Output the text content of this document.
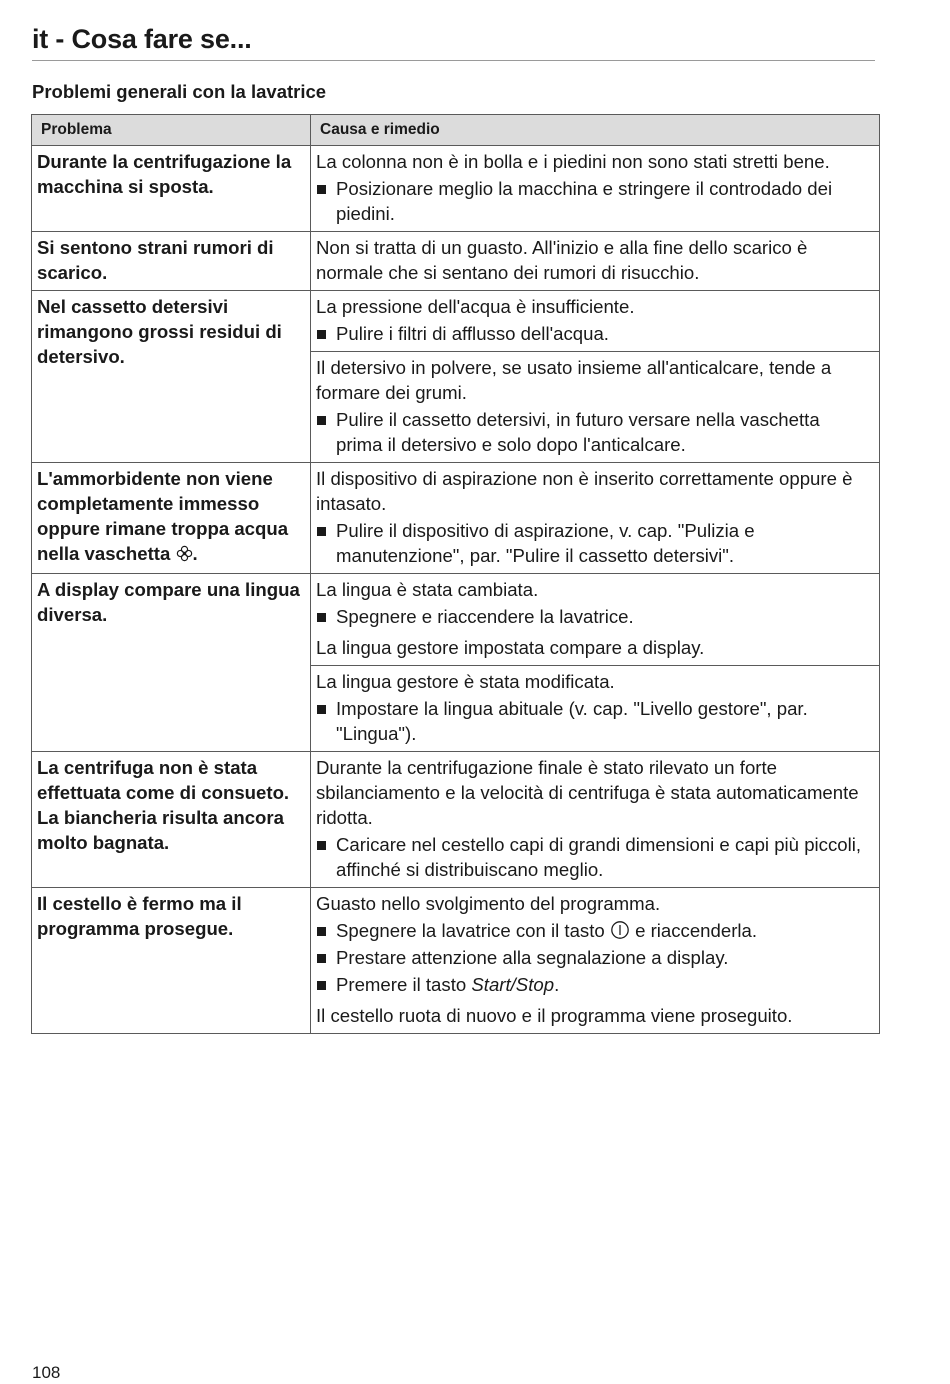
it - Cosa fare se...
Problemi generali con la lavatrice
Problema	Causa e rimedio
Durante la centrifugazione la macchina si sposta.	La colonna non è in bolla e i piedini non sono stati stretti bene.
Posizionare meglio la macchina e stringere il controdado dei piedini.

Si sentono strani rumori di scarico.	Non si tratta di un guasto. All'inizio e alla fine dello scarico è normale che si sentano dei rumori di risucchio.

Nel cassetto detersivi rimangono grossi residui di detersivo.	La pressione dell'acqua è insufficiente.
Pulire i filtri di afflusso dell'acqua.

	Il detersivo in polvere, se usato insieme all'anticalcare, tende a formare dei grumi.
Pulire il cassetto detersivi, in futuro versare nella vaschetta prima il detersivo e solo dopo l'anticalcare.

L'ammorbidente non viene completamente immesso oppure rimane troppa acqua nella vaschetta .	Il dispositivo di aspirazione non è inserito correttamente oppure è intasato.
Pulire il dispositivo di aspirazione, v. cap. "Pulizia e manutenzione", par. "Pulire il cassetto detersivi".

A display compare una lingua diversa.	La lingua è stata cambiata.
Spegnere e riaccendere la lavatrice.
La lingua gestore impostata compare a display.

	La lingua gestore è stata modificata.
Impostare la lingua abituale (v. cap. "Livello gestore", par. "Lingua").

La centrifuga non è stata effettuata come di consueto. La biancheria risulta ancora molto bagnata.	Durante la centrifugazione finale è stato rilevato un forte sbilanciamento e la velocità di centrifuga è stata automaticamente ridotta.
Caricare nel cestello capi di grandi dimensioni e capi più piccoli, affinché si distribuiscano meglio.

Il cestello è fermo ma il programma prosegue.	Guasto nello svolgimento del programma.
Spegnere la lavatrice con il tasto e riaccenderla.
Prestare attenzione alla segnalazione a display.
Premere il tasto Start/Stop.
Il cestello ruota di nuovo e il programma viene proseguito.
108
